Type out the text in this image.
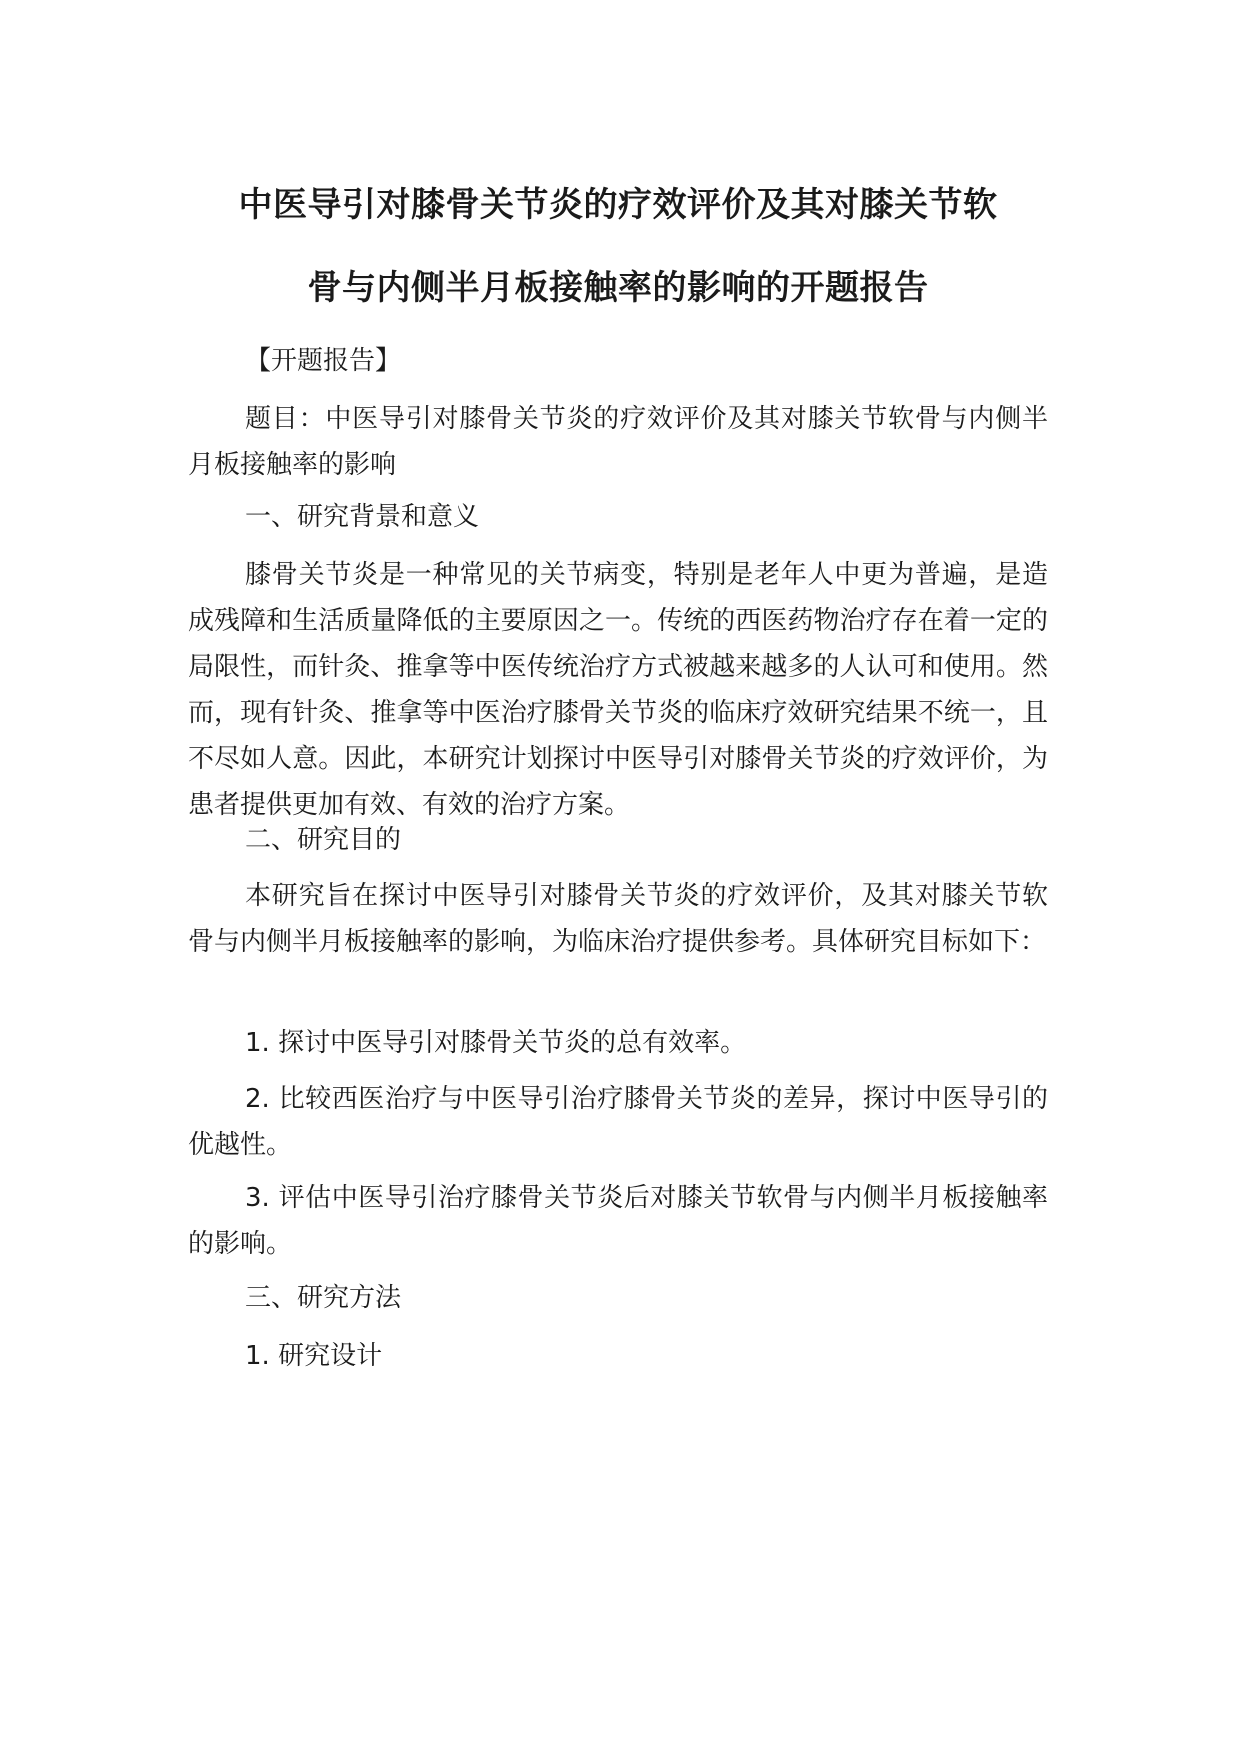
中医导引对膝骨关节炎的疗效评价及其对膝关节软
骨与内侧半月板接触率的影响的开题报告

【开题报告】

题目：中医导引对膝骨关节炎的疗效评价及其对膝关节软骨与内侧半月板接触率的影响

一、研究背景和意义

膝骨关节炎是一种常见的关节病变，特别是老年人中更为普遍，是造成残障和生活质量降低的主要原因之一。传统的西医药物治疗存在着一定的局限性，而针灸、推拿等中医传统治疗方式被越来越多的人认可和使用。然而，现有针灸、推拿等中医治疗膝骨关节炎的临床疗效研究结果不统一，且不尽如人意。因此，本研究计划探讨中医导引对膝骨关节炎的疗效评价，为患者提供更加有效、有效的治疗方案。

二、研究目的

本研究旨在探讨中医导引对膝骨关节炎的疗效评价，及其对膝关节软骨与内侧半月板接触率的影响，为临床治疗提供参考。具体研究目标如下：

1. 探讨中医导引对膝骨关节炎的总有效率。

2. 比较西医治疗与中医导引治疗膝骨关节炎的差异，探讨中医导引的优越性。

3. 评估中医导引治疗膝骨关节炎后对膝关节软骨与内侧半月板接触率的影响。

三、研究方法

1. 研究设计
